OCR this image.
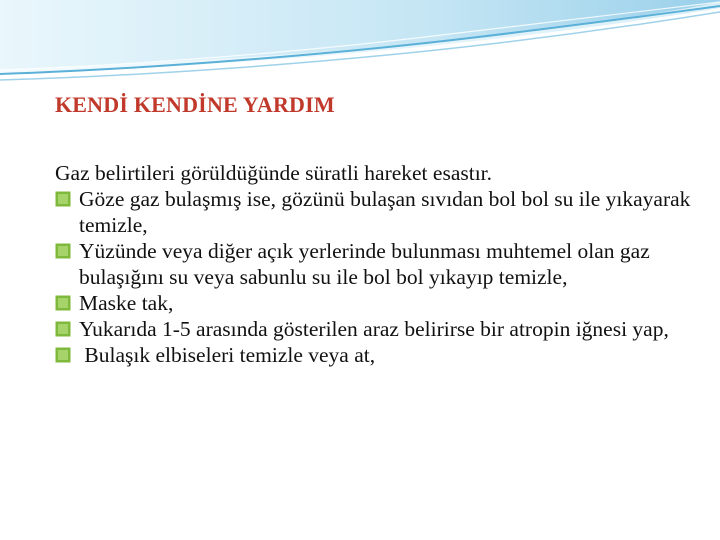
KENDİ KENDİNE YARDIM
Gaz belirtileri görüldüğünde süratli hareket esastır.
Göze gaz bulaşmış ise, gözünü bulaşan sıvıdan bol bol su ile yıkayarak temizle,
Yüzünde veya diğer açık yerlerinde bulunması muhtemel olan gaz bulaşığını su veya sabunlu su ile bol bol yıkayıp temizle,
Maske tak,
Yukarıda 1-5 arasında gösterilen araz belirirse bir atropin iğnesi yap,
Bulaşık elbiseleri temizle veya at,
